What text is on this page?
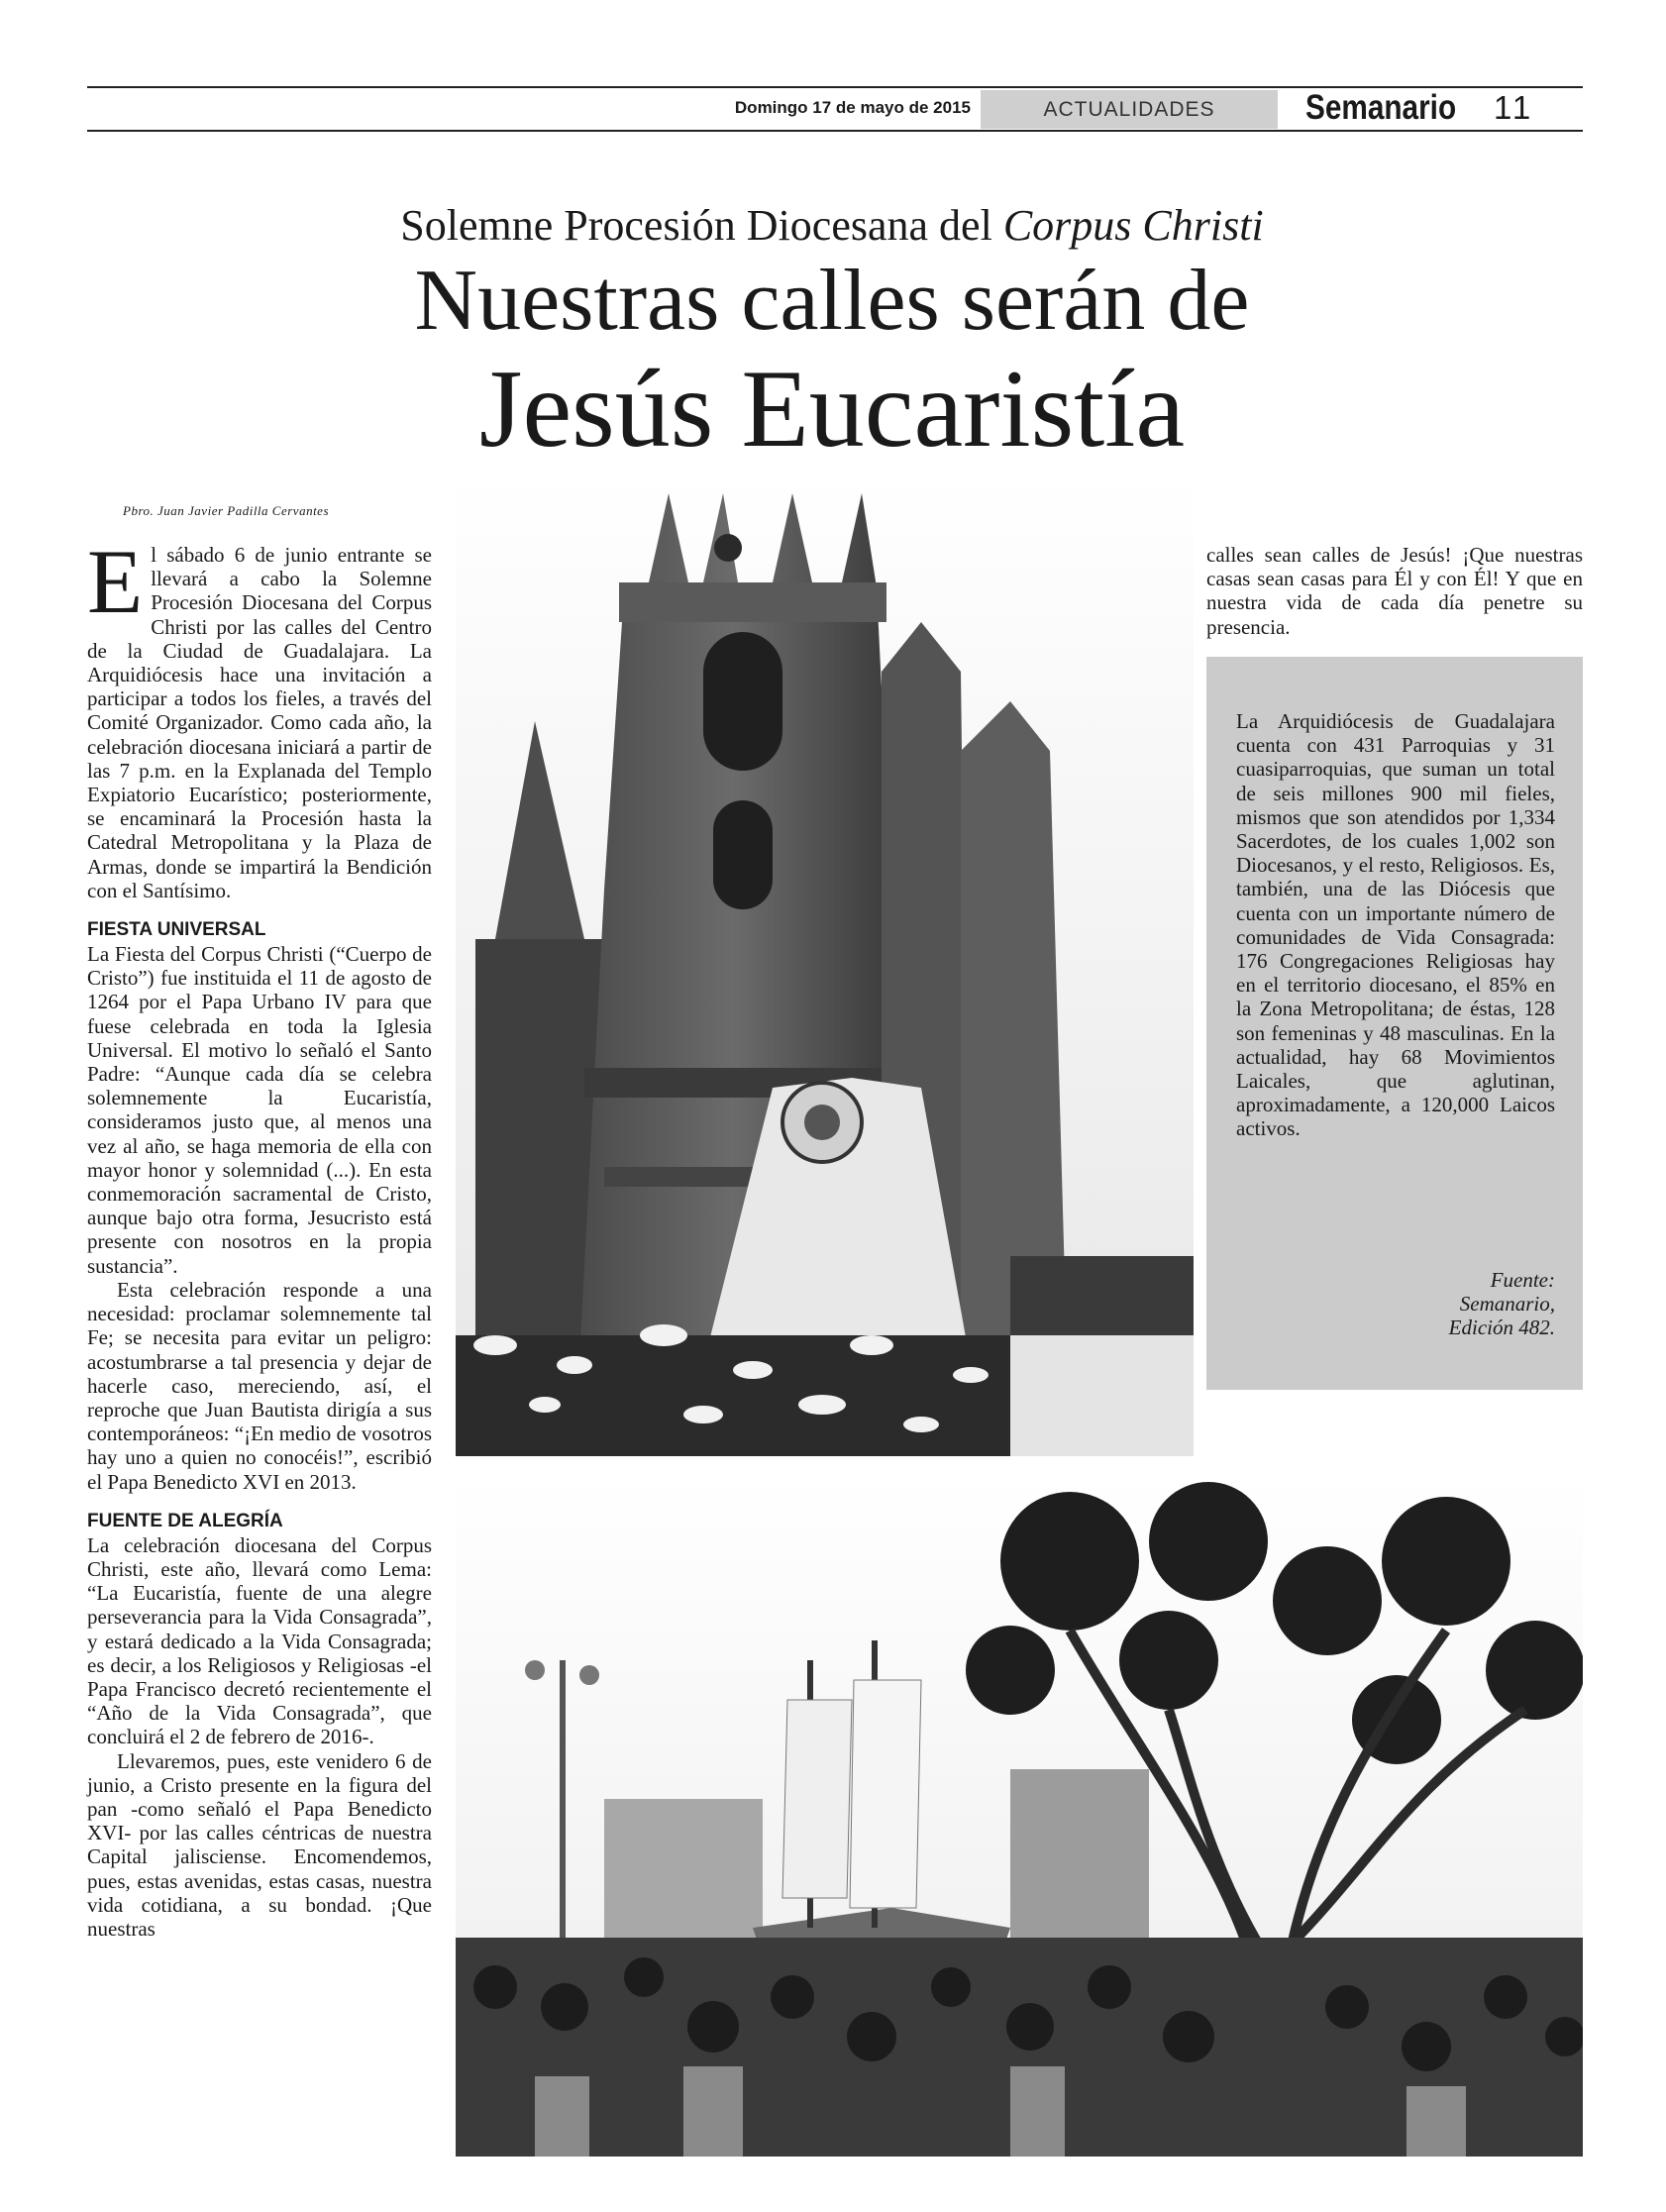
Domingo 17 de mayo de 2015	ACTUALIDADES	Semanario	11
Solemne Procesión Diocesana del Corpus Christi
Nuestras calles serán de
Jesús Eucaristía
Pbro. Juan Javier Padilla Cervantes

El sábado 6 de junio entrante se llevará a cabo la Solemne Procesión Diocesana del Corpus Christi por las calles del Centro de la Ciudad de Guadalajara. La Arquidiócesis hace una invitación a participar a todos los fieles, a través del Comité Organizador. Como cada año, la celebración diocesana iniciará a partir de las 7 p.m. en la Explanada del Templo Expiatorio Eucarístico; posteriormente, se encaminará la Procesión hasta la Catedral Metropolitana y la Plaza de Armas, donde se impartirá la Bendición con el Santísimo.

FIESTA UNIVERSAL

La Fiesta del Corpus Christi (“Cuerpo de Cristo”) fue instituida el 11 de agosto de 1264 por el Papa Urbano IV para que fuese celebrada en toda la Iglesia Universal. El motivo lo señaló el Santo Padre: “Aunque cada día se celebra solemnemente la Eucaristía, consideramos justo que, al menos una vez al año, se haga memoria de ella con mayor honor y solemnidad (...). En esta conmemoración sacramental de Cristo, aunque bajo otra forma, Jesucristo está presente con nosotros en la propia sustancia”.

Esta celebración responde a una necesidad: proclamar solemnemente tal Fe; se necesita para evitar un peligro: acostumbrarse a tal presencia y dejar de hacerle caso, mereciendo, así, el reproche que Juan Bautista dirigía a sus contemporáneos: “¡En medio de vosotros hay uno a quien no conocéis!”, escribió el Papa Benedicto XVI en 2013.

FUENTE DE ALEGRÍA

La celebración diocesana del Corpus Christi, este año, llevará como Lema: “La Eucaristía, fuente de una alegre perseverancia para la Vida Consagrada”, y estará dedicado a la Vida Consagrada; es decir, a los Religiosos y Religiosas -el Papa Francisco decretó recientemente el “Año de la Vida Consagrada”, que concluirá el 2 de febrero de 2016-.

Llevaremos, pues, este venidero 6 de junio, a Cristo presente en la figura del pan -como señaló el Papa Benedicto XVI- por las calles céntricas de nuestra Capital jalisciense. Encomendemos, pues, estas avenidas, estas casas, nuestra vida cotidiana, a su bondad. ¡Que nuestras

calles sean calles de Jesús! ¡Que nuestras casas sean casas para Él y con Él! Y que en nuestra vida de cada día penetre su presencia.

La Arquidiócesis de Guadalajara cuenta con 431 Parroquias y 31 cuasiparroquias, que suman un total de seis millones 900 mil fieles, mismos que son atendidos por 1,334 Sacerdotes, de los cuales 1,002 son Diocesanos, y el resto, Religiosos. Es, también, una de las Diócesis que cuenta con un importante número de comunidades de Vida Consagrada: 176 Congregaciones Religiosas hay en el territorio diocesano, el 85% en la Zona Metropolitana; de éstas, 128 son femeninas y 48 masculinas. En la actualidad, hay 68 Movimientos Laicales, que aglutinan, aproximadamente, a 120,000 Laicos activos.
Fuente:
Semanario,
Edición 482.
